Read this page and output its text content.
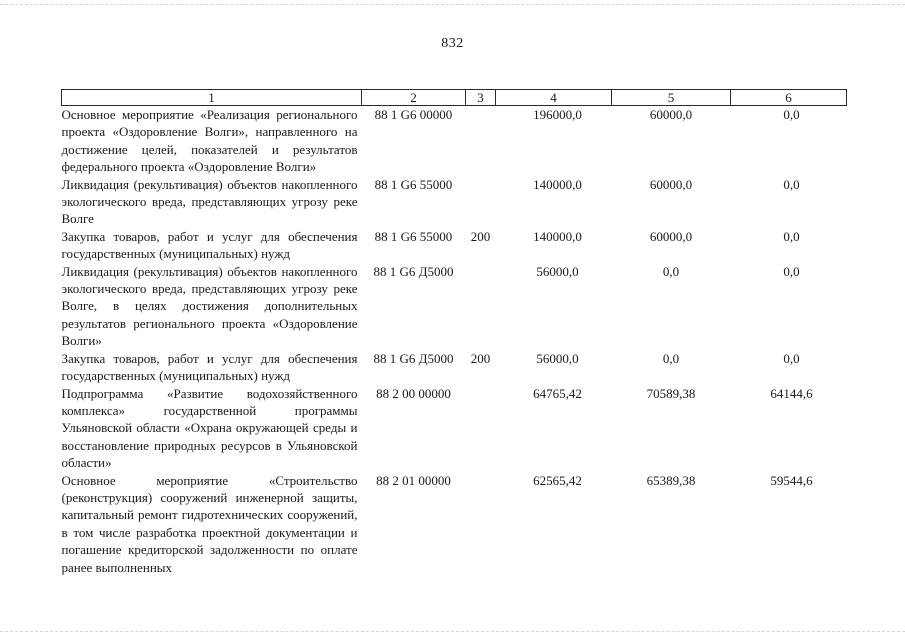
832
1	2	3	4	5	6
Основное мероприятие «Реализация регионального проекта «Оздоровление Волги», направленного на достижение целей, показателей и результатов федерального проекта «Оздоровление Волги»	88 1 G6 00000		196000,0	60000,0	0,0
Ликвидация (рекультивация) объектов накопленного экологического вреда, представляющих угрозу реке Волге	88 1 G6 55000		140000,0	60000,0	0,0
Закупка товаров, работ и услуг для обеспечения государственных (муниципальных) нужд	88 1 G6 55000	200	140000,0	60000,0	0,0
Ликвидация (рекультивация) объектов накопленного экологического вреда, представляющих угрозу реке Волге, в целях достижения дополнительных результатов регионального проекта «Оздоровление Волги»	88 1 G6 Д5000		56000,0	0,0	0,0
Закупка товаров, работ и услуг для обеспечения государственных (муниципальных) нужд	88 1 G6 Д5000	200	56000,0	0,0	0,0
Подпрограмма «Развитие водохозяйственного комплекса» государственной программы Ульяновской области «Охрана окружающей среды и восстановление природных ресурсов в Ульяновской области»	88 2 00 00000		64765,42	70589,38	64144,6
Основное мероприятие «Строительство (реконструкция) сооружений инженерной защиты, капитальный ремонт гидротехнических сооружений, в том числе разработка проектной документации и погашение кредиторской задолженности по оплате ранее выполненных	88 2 01 00000		62565,42	65389,38	59544,6
